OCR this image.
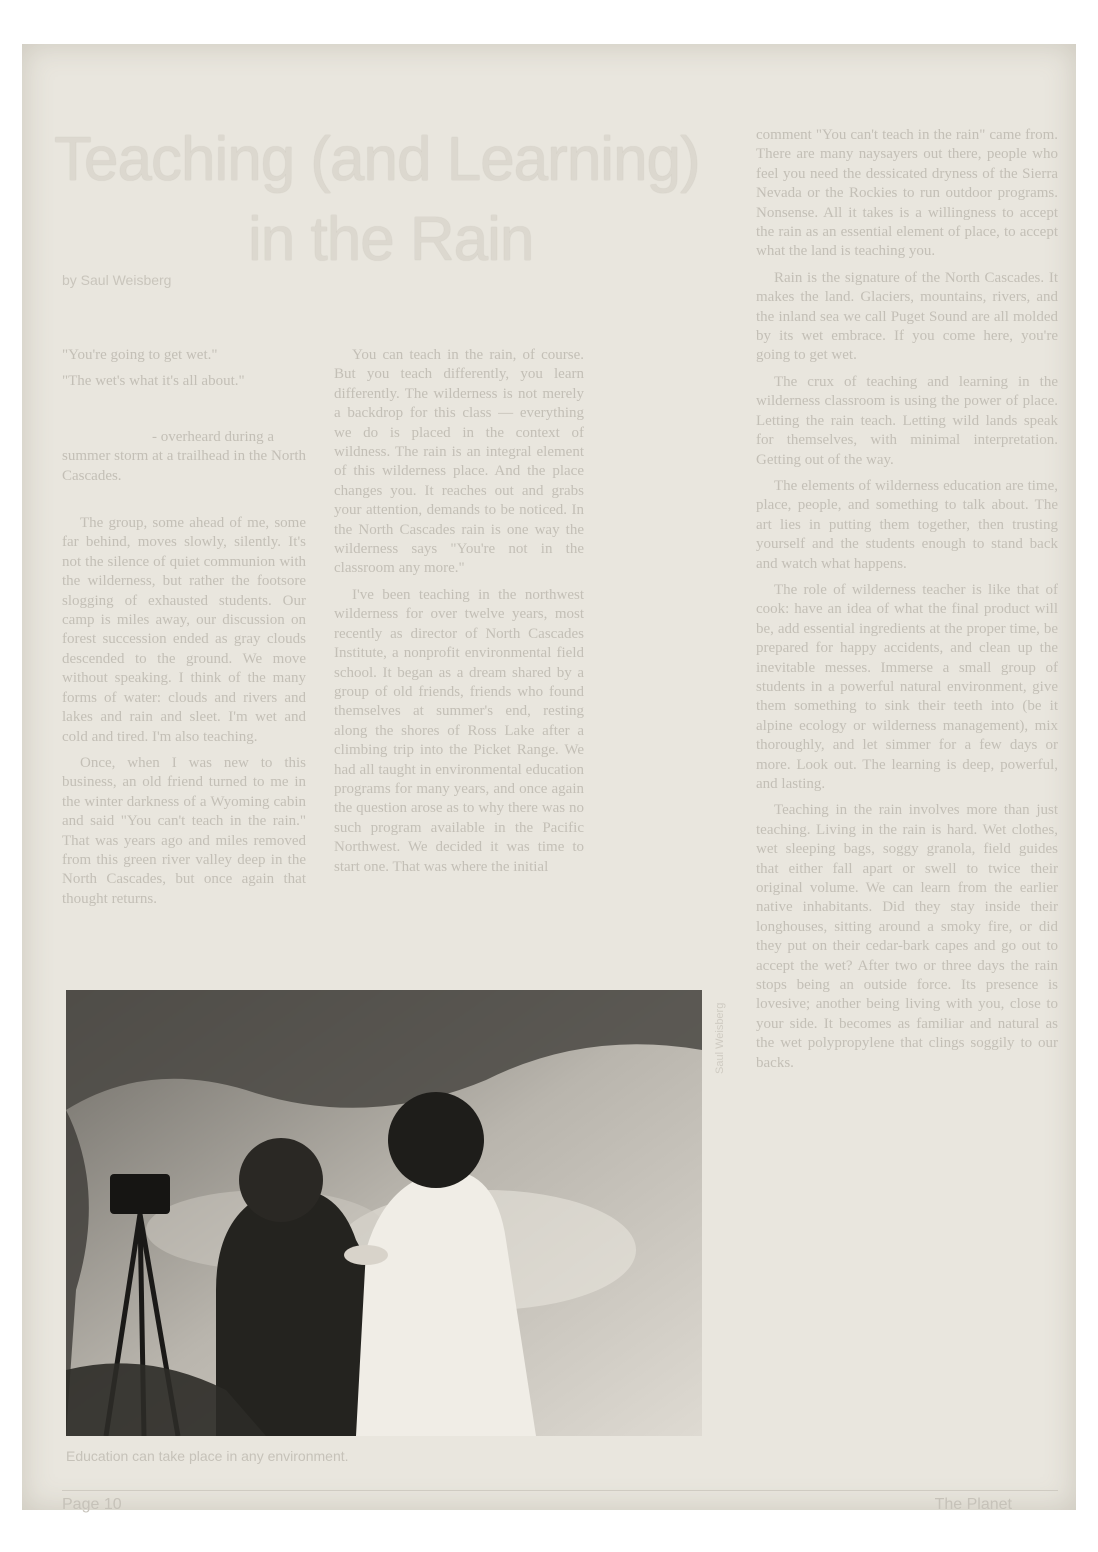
Teaching (and Learning)
in the Rain
by Saul Weisberg

"You're going to get wet."

"The wet's what it's all about."

- overheard during a

summer storm at a trailhead in the North Cascades.

The group, some ahead of me, some far behind, moves slowly, silently. It's not the silence of quiet communion with the wilderness, but rather the footsore slogging of exhausted students. Our camp is miles away, our discussion on forest succession ended as gray clouds descended to the ground. We move without speaking. I think of the many forms of water: clouds and rivers and lakes and rain and sleet. I'm wet and cold and tired. I'm also teaching.

Once, when I was new to this business, an old friend turned to me in the winter darkness of a Wyoming cabin and said "You can't teach in the rain." That was years ago and miles removed from this green river valley deep in the North Cascades, but once again that thought returns.

You can teach in the rain, of course. But you teach differently, you learn differently. The wilderness is not merely a backdrop for this class — everything we do is placed in the context of wildness. The rain is an integral element of this wilderness place. And the place changes you. It reaches out and grabs your attention, demands to be noticed. In the North Cascades rain is one way the wilderness says "You're not in the classroom any more."

I've been teaching in the northwest wilderness for over twelve years, most recently as director of North Cascades Institute, a nonprofit environmental field school. It began as a dream shared by a group of old friends, friends who found themselves at summer's end, resting along the shores of Ross Lake after a climbing trip into the Picket Range. We had all taught in environmental education programs for many years, and once again the question arose as to why there was no such program available in the Pacific Northwest. We decided it was time to start one. That was where the initial

comment "You can't teach in the rain" came from. There are many naysayers out there, people who feel you need the dessicated dryness of the Sierra Nevada or the Rockies to run outdoor programs. Nonsense. All it takes is a willingness to accept the rain as an essential element of place, to accept what the land is teaching you.

Rain is the signature of the North Cascades. It makes the land. Glaciers, mountains, rivers, and the inland sea we call Puget Sound are all molded by its wet embrace. If you come here, you're going to get wet.

The crux of teaching and learning in the wilderness classroom is using the power of place. Letting the rain teach. Letting wild lands speak for themselves, with minimal interpretation. Getting out of the way.

The elements of wilderness education are time, place, people, and something to talk about. The art lies in putting them together, then trusting yourself and the students enough to stand back and watch what happens.

The role of wilderness teacher is like that of cook: have an idea of what the final product will be, add essential ingredients at the proper time, be prepared for happy accidents, and clean up the inevitable messes. Immerse a small group of students in a powerful natural environment, give them something to sink their teeth into (be it alpine ecology or wilderness management), mix thoroughly, and let simmer for a few days or more. Look out. The learning is deep, powerful, and lasting.

Teaching in the rain involves more than just teaching. Living in the rain is hard. Wet clothes, wet sleeping bags, soggy granola, field guides that either fall apart or swell to twice their original volume. We can learn from the earlier native inhabitants. Did they stay inside their longhouses, sitting around a smoky fire, or did they put on their cedar-bark capes and go out to accept the wet? After two or three days the rain stops being an outside force. Its presence is lovesive; another being living with you, close to your side. It becomes as familiar and natural as the wet polypropylene that clings soggily to our backs.

Saul Weisberg
Education can take place in any environment.
Page 10	The Planet
